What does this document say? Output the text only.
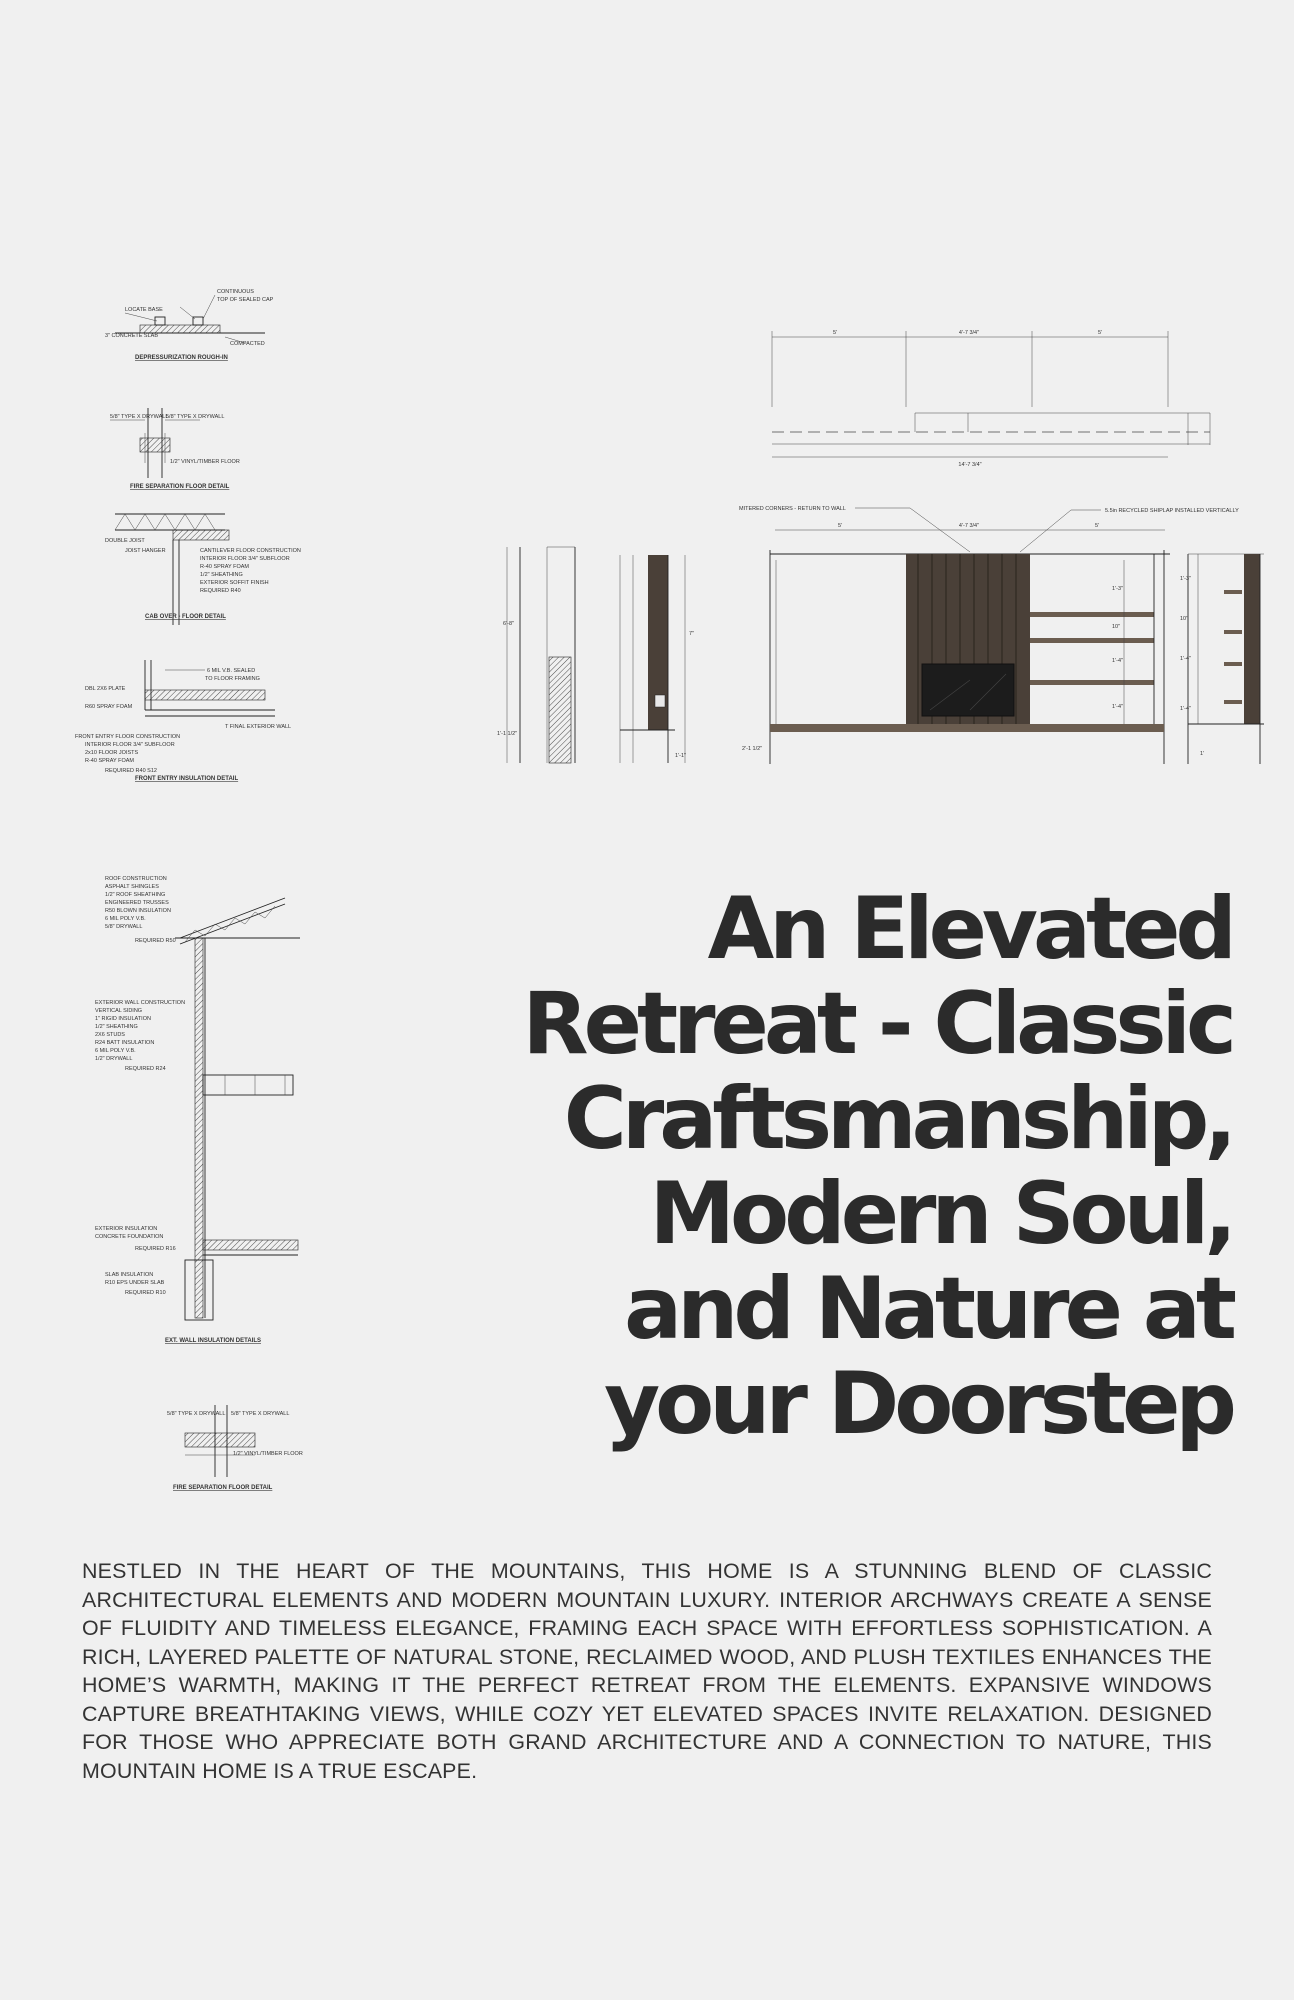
LOCATE BASE
CONTINUOUS
TOP OF SEALED CAP
COMPACTED
3" CONCRETE SLAB
DEPRESSURIZATION ROUGH-IN
5/8" TYPE X DRYWALL
5/8" TYPE X DRYWALL
1/2" VINYL/TIMBER FLOOR
FIRE SEPARATION FLOOR DETAIL
DOUBLE JOIST
JOIST HANGER	CANTILEVER FLOOR CONSTRUCTION
INTERIOR FLOOR 3/4" SUBFLOOR
R-40 SPRAY FOAM
1/2" SHEATHING
EXTERIOR SOFFIT FINISH
REQUIRED R40
CAB OVER - FLOOR DETAIL
6 MIL V.B. SEALED
TO FLOOR FRAMING
DBL 2X6 PLATE
R60 SPRAY FOAM
T FINAL EXTERIOR WALL
FRONT ENTRY FLOOR CONSTRUCTION
INTERIOR FLOOR 3/4" SUBFLOOR
2x10 FLOOR JOISTS
R-40 SPRAY FOAM
REQUIRED R40 S12
FRONT ENTRY INSULATION DETAIL
ROOF CONSTRUCTION
ASPHALT SHINGLES
1/2" ROOF SHEATHING
ENGINEERED TRUSSES
R50 BLOWN INSULATION
6 MIL POLY V.B.
5/8" DRYWALL
REQUIRED R50
EXTERIOR WALL CONSTRUCTION
VERTICAL SIDING
1" RIGID INSULATION
1/2" SHEATHING
2X6 STUDS
R24 BATT INSULATION
6 MIL POLY V.B.
1/2" DRYWALL
REQUIRED R24
EXTERIOR INSULATION
CONCRETE FOUNDATION
REQUIRED R16
SLAB INSULATION
R10 EPS UNDER SLAB
REQUIRED R10
EXT. WALL INSULATION DETAILS
5/8" TYPE X DRYWALL 5/8" TYPE X DRYWALL
1/2" VINYL/TIMBER FLOOR
FIRE SEPARATION FLOOR DETAIL
5'	4'-7 3/4"	5'
14'-7 3/4"
MITERED CORNERS - RETURN TO WALL	5.5in RECYCLED SHIPLAP INSTALLED VERTICALLY
5'	4'-7 3/4"	5'
1'-3"
10"
1'-4"
1'-4"
2'-1 1/2"
6'-8"
1'-1 1/2"
7"
1'-1"
1'-3"
10"
1'-4"
1'-4"
1'
An Elevated
Retreat - Classic
Craftsmanship,
Modern Soul,
and Nature at
your Doorstep

NESTLED IN THE HEART OF THE MOUNTAINS, THIS HOME IS A STUNNING BLEND OF CLASSIC ARCHITECTURAL ELEMENTS AND MODERN MOUNTAIN LUXURY. INTERIOR ARCHWAYS CREATE A SENSE OF FLUIDITY AND TIMELESS ELEGANCE, FRAMING EACH SPACE WITH EFFORTLESS SOPHISTICATION. A RICH, LAYERED PALETTE OF NATURAL STONE, RECLAIMED WOOD, AND PLUSH TEXTILES ENHANCES THE HOME’S WARMTH, MAKING IT THE PERFECT RETREAT FROM THE ELEMENTS. EXPANSIVE WINDOWS CAPTURE BREATHTAKING VIEWS, WHILE COZY YET ELEVATED SPACES INVITE RELAXATION. DESIGNED FOR THOSE WHO APPRECIATE BOTH GRAND ARCHITECTURE AND A CONNECTION TO NATURE, THIS MOUNTAIN HOME IS A TRUE ESCAPE.
